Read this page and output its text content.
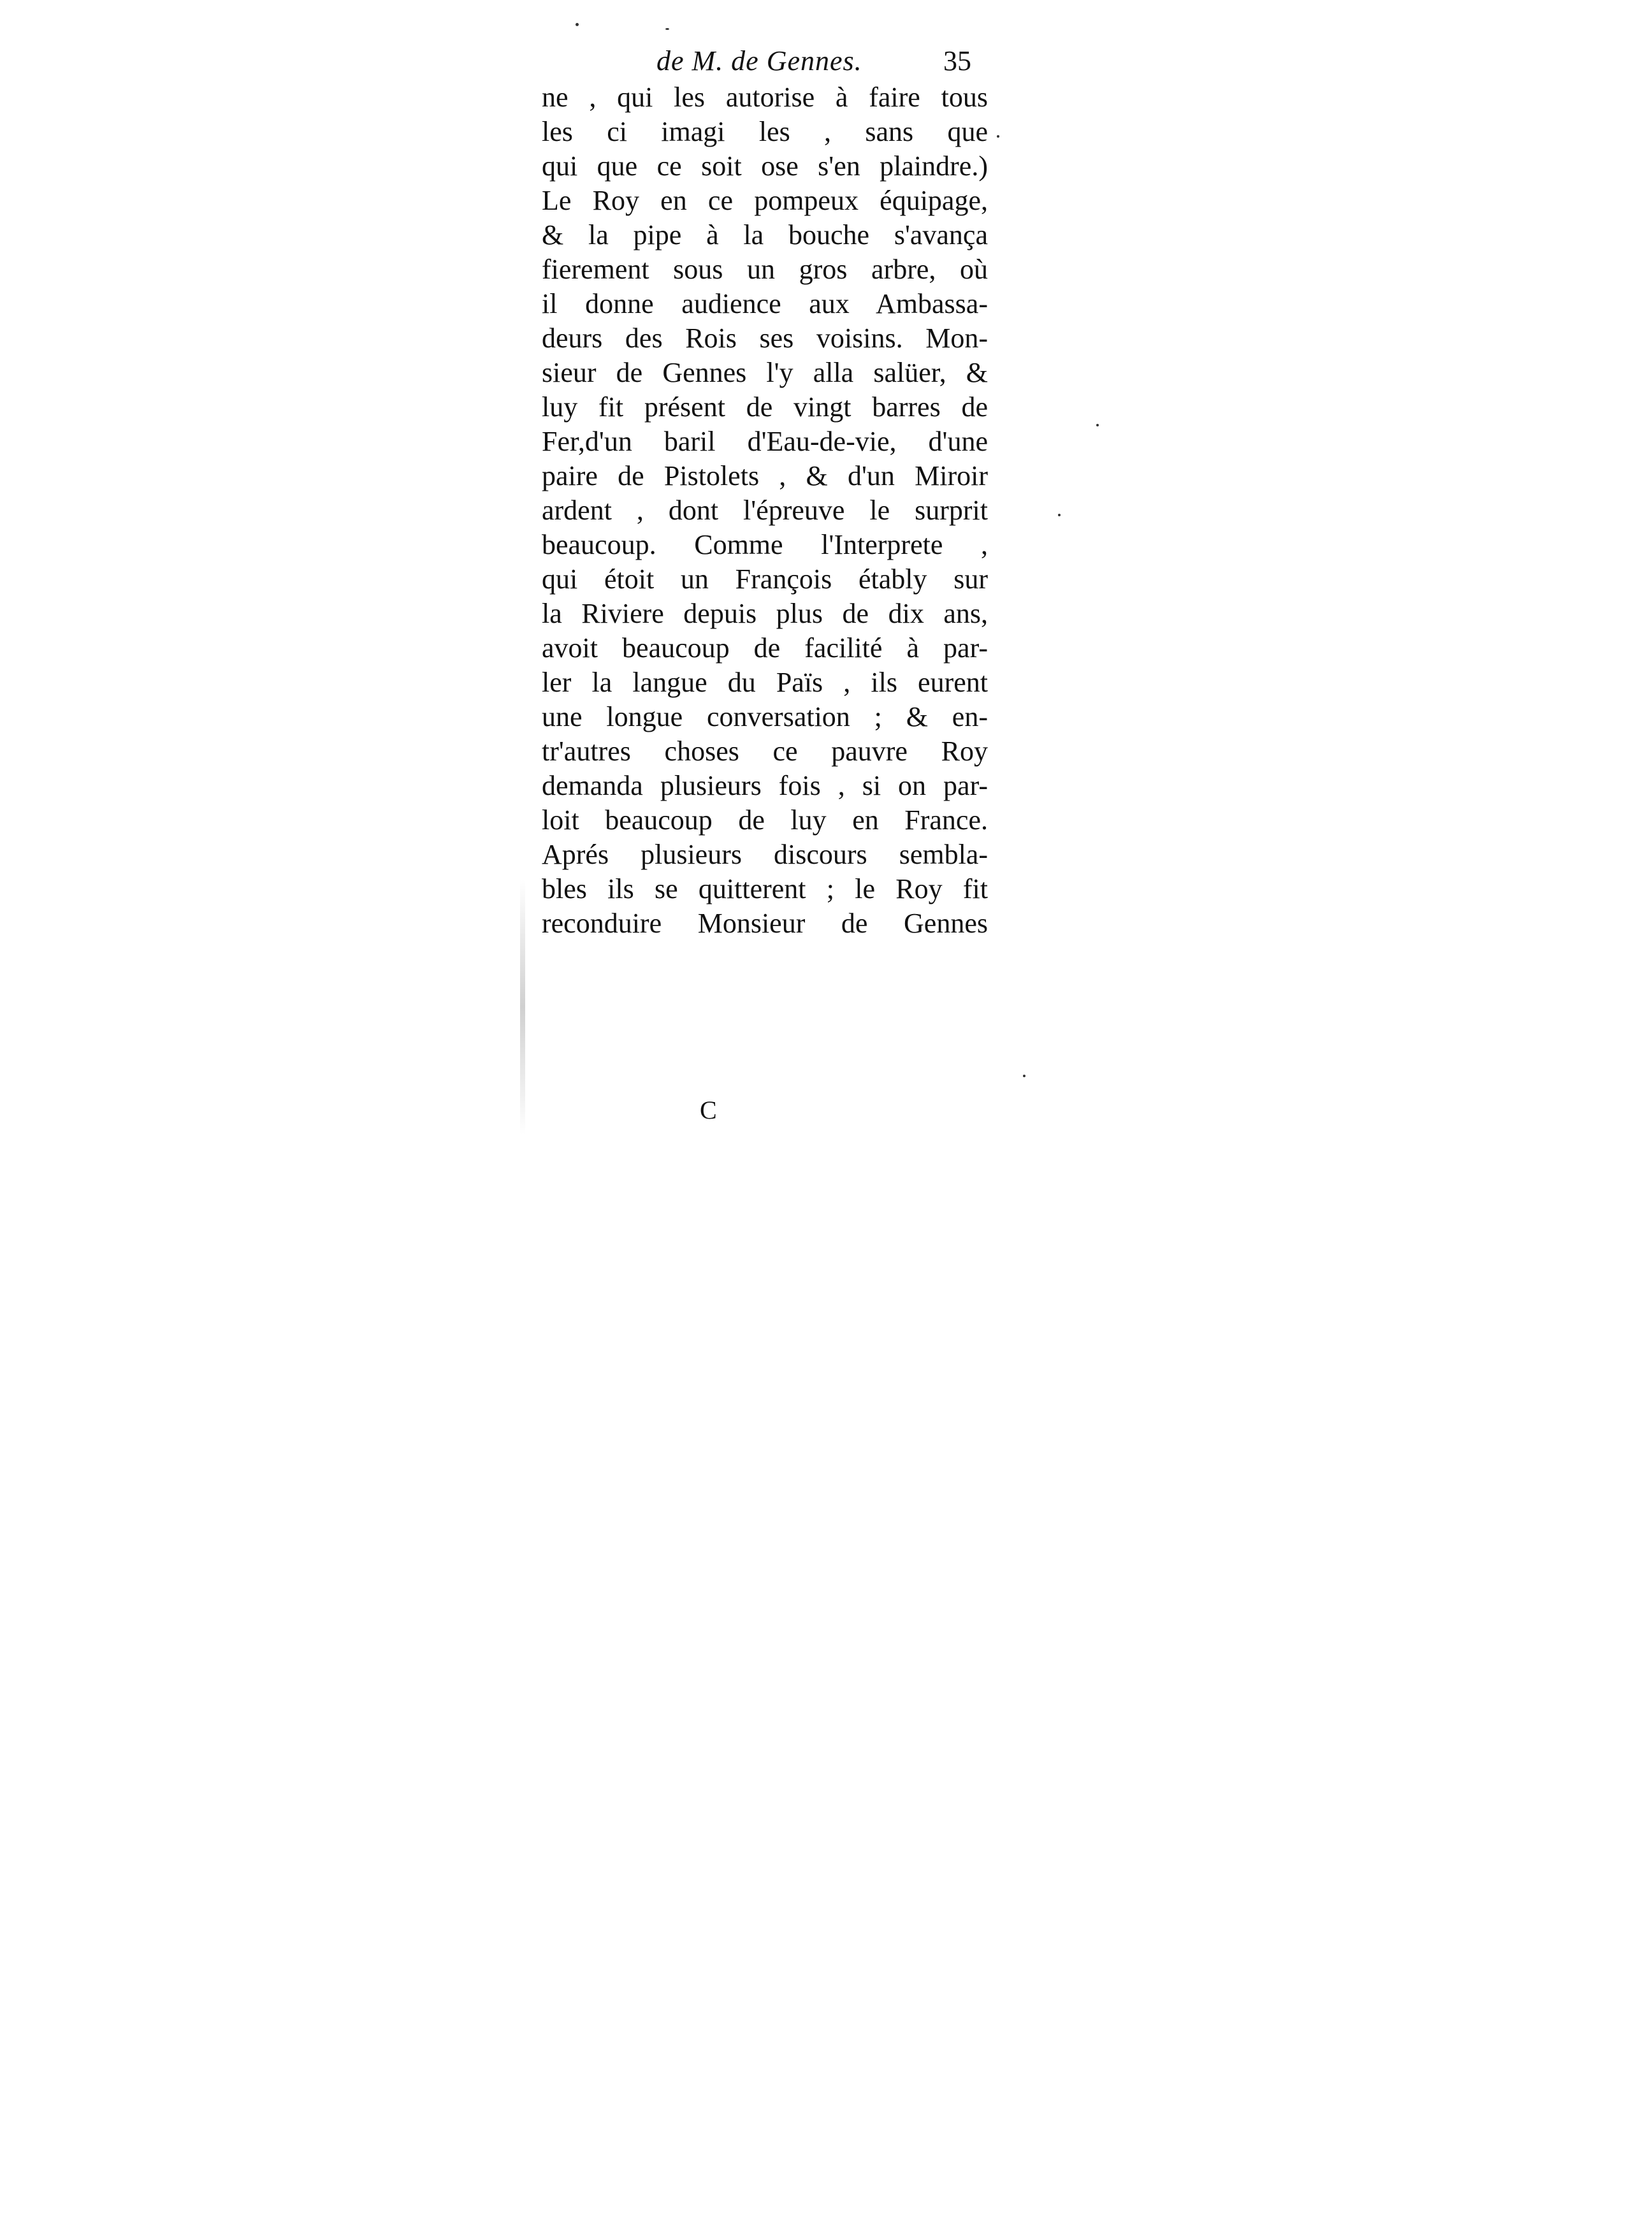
de M. de Gennes.	35
ne , qui les autorise à faire tous
les ci imagi les , sans que
qui que ce soit ose s'en plaindre.)
Le Roy en ce pompeux équipage,
& la pipe à la bouche s'avança
fierement sous un gros arbre, où
il donne audience aux Ambassa-
deurs des Rois ses voisins. Mon-
sieur de Gennes l'y alla salüer, &
luy fit présent de vingt barres de
Fer,d'un baril d'Eau-de-vie, d'une
paire de Pistolets , & d'un Miroir
ardent , dont l'épreuve le surprit
beaucoup. Comme l'Interprete ,
qui étoit un François étably sur
la Riviere depuis plus de dix ans,
avoit beaucoup de facilité à par-
ler la langue du Païs , ils eurent
une longue conversation ; & en-
tr'autres choses ce pauvre Roy
demanda plusieurs fois , si on par-
loit beaucoup de luy en France.
Aprés plusieurs discours sembla-
bles ils se quitterent ; le Roy fit
reconduire Monsieur de Gennes
C
